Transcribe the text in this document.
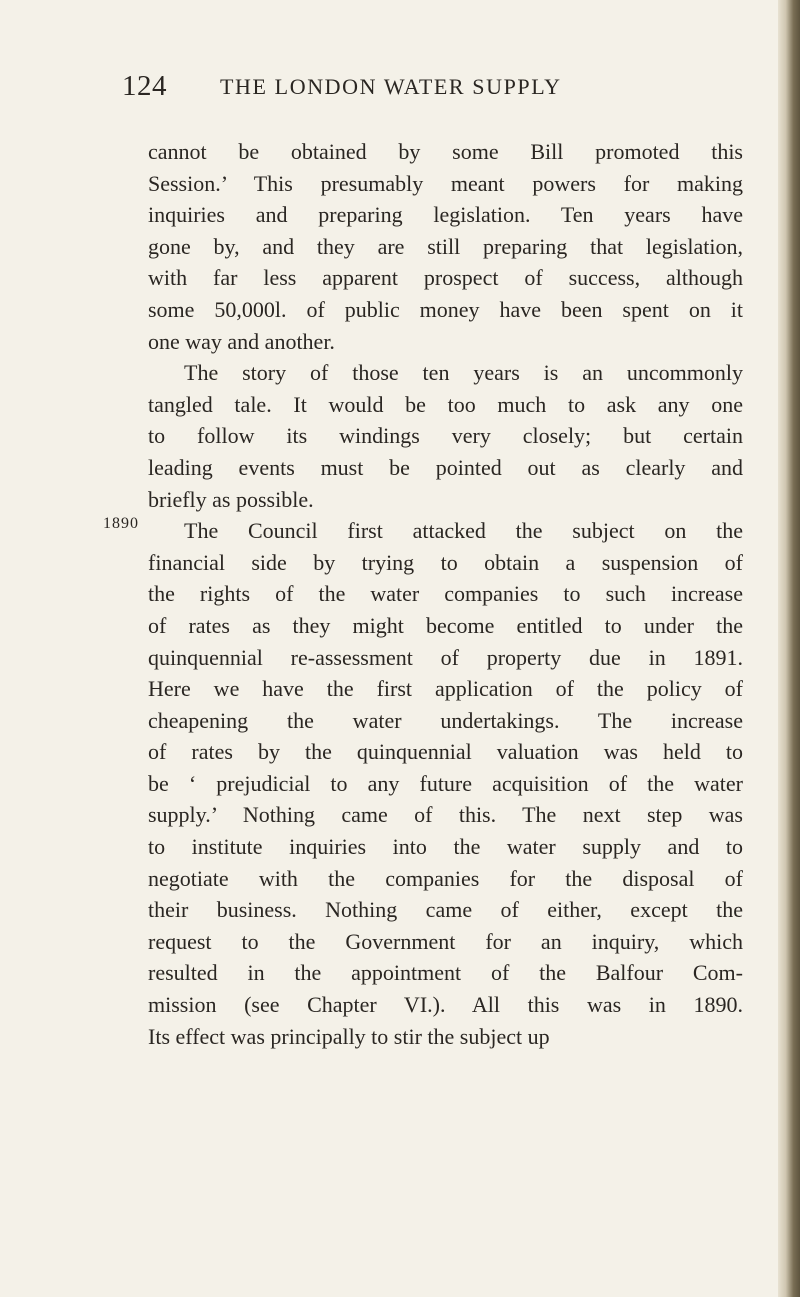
124 THE LONDON WATER SUPPLY
1890
cannot be obtained by some Bill promoted this
Session.’ This presumably meant powers for making
inquiries and preparing legislation. Ten years have
gone by, and they are still preparing that legislation,
with far less apparent prospect of success, although
some 50,000l. of public money have been spent on it
one way and another.
The story of those ten years is an uncommonly
tangled tale. It would be too much to ask any one
to follow its windings very closely; but certain
leading events must be pointed out as clearly and
briefly as possible.
The Council first attacked the subject on the
financial side by trying to obtain a suspension of
the rights of the water companies to such increase
of rates as they might become entitled to under the
quinquennial re-assessment of property due in 1891.
Here we have the first application of the policy of
cheapening the water undertakings. The increase
of rates by the quinquennial valuation was held to
be ‘ prejudicial to any future acquisition of the water
supply.’ Nothing came of this. The next step was
to institute inquiries into the water supply and to
negotiate with the companies for the disposal of
their business. Nothing came of either, except the
request to the Government for an inquiry, which
resulted in the appointment of the Balfour Com-
mission (see Chapter VI.). All this was in 1890.
Its effect was principally to stir the subject up
